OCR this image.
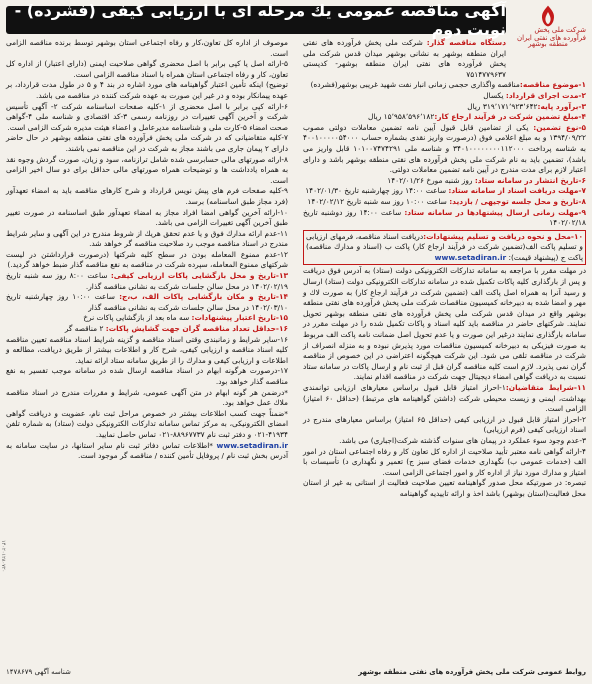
شركت ملی پخش فرآورده های نفتی ایران
منطقه بوشهر
آگهی مناقصه عمومی یك مرحله ای با ارزیابی كیفی (فشرده) - نوبت دوم

دستگاه مناقصه گذار: شركت ملی پخش فرآورده های نفتی ایران منطقه بوشهر به نشانی بوشهر میدان قدس شركت ملی پخش فرآورده های نفتی ایران منطقه بوشهر- كدپستی ۷۵۱۴۷۷۹۶۳۷

۱-موضوع مناقصه:مناقصه واگذاری حجمی زمانی انبار نفت شهید غریبی بوشهر(فشرده)

۲-مدت اجرای قرارداد: یكسال

۳-برآورد پایه:۳۱۹٬۱۷۱٬۹۲۳٬۶۴۲ ریال

۴-مبلغ تضمین شركت در فرآیند ارجاع كار:۱۵٬۹۵۸٬۵۹۶٬۱۸۲ ریال

۵-نوع تضمین: یكی از تضامین قابل قبول آیین نامه تضمین معاملات دولتی مصوب ۱۳۹۴/۰۹/۲۲ و به مبلغ اعلامی فوق (درصورت واریز نقدی بشماره حساب ۴۰۰۱۰۰۰۰۰۵۴۰۰۰ به شناسه پرداخت ۳۴۰۱۰۰۰۰۰۰۰۰۱۱۲۰۰۰ و شناسه ملی ۱۰۱۰۰۷۴۷۴۲۹۱ قابل واریز می باشد)، تضمین باید به نام شركت ملی پخش فرآورده های نفتی منطقه بوشهر باشد و دارای اعتبار لازم برای مدت مندرج در آیین نامه تضمین معاملات دولتی.

۶-تاریخ انتشار در سامانه ستاد: روز شنبه مورخ ۱۴۰۲/۰۱/۲۶

۷-مهلت دریافت اسناد از سامانه ستاد: ساعت ۱۴:۰۰ روز چهارشنبه تاریخ ۱۴۰۲/۰۱/۳۰

۸-تاریخ و محل جلسه توجیهی / بازدید: ساعت ۱۰:۰۰ روز سه شنبه تاریخ ۱۴۰۲/۰۲/۱۲

۹-مهلت زمانی ارسال پیشنهادها در سامانه ستاد: ساعت ۱۴:۰۰ روز دوشنبه تاریخ ۱۴۰۲/۰۲/۱۸

۱۰-محل و نحوه دریافت و تسلیم پیشنهادات:دریافت اسناد مناقصه، فرمهای ارزیابی و تسلیم پاكت الف(تضمین شركت در فرآیند ارجاع كار) پاكت ب (اسناد و مدارك مناقصه) پاكت ج (پیشنهاد قیمت): www.setadiran.ir

در مهلت مقرر با مراجعه به سامانه تداركات الكترونیكی دولت (ستاد) به آدرس فوق دریافت و پس از بارگذاری كلیه پاكات تكمیل شده در سامانه تداركات الكترونیكی دولت (ستاد) ارسال و رسید آنرا به همراه اصل پاكت الف (تضمین شركت در فرآیند ارجاع كار) به صورت لاك و مهر و امضا شده به دبیرخانه كمیسیون مناقصات شركت ملی پخش فرآورده های نفتی منطقه بوشهر واقع در میدان قدس شركت ملی پخش فرآورده های نفتی منطقه بوشهر تحویل نمایند. شركتهای حاضر در مناقصه باید كلیه اسناد و پاكات تكمیل شده را در مهلت مقرر در سامانه بارگذاری نمایند درغیر این صورت و یا عدم تحویل اصل ضمانت نامه پاكت الف مربوط به صورت فیزیكی به دبیرخانه كمیسیون مناقصات مورد پذیرش نبوده و به منزله انصراف از شركت در مناقصه تلقی می شود. این شركت هیچگونه اعتراضی در این خصوص از مناقصه گران نمی پذیرد. لازم است كلیه مناقصه گران قبل از ثبت نام و ارسال پاكات در سامانه ستاد نسبت به دریافت گواهی امضاء دیجیتال جهت شركت در مناقصه اقدام نمایند.

۱۱-شرایط متقاضیان:۱-احراز امتیاز قابل قبول براساس معیارهای ارزیابی توانمندی بهداشت، ایمنی و زیست محیطی شركت (داشتن گواهینامه های مرتبط) (حداقل ۶۰ امتیاز) الزامی است.

۲-احراز امتیاز قابل قبول در ارزیابی كیفی (حداقل ۶۵ امتیاز) براساس معیارهای مندرج در اسناد ارزیابی كیفی (فرم ارزیابی)

۳-عدم وجود سوء عملكرد در پیمان های سنوات گذشته شركت(اجباری) می باشد.

۴-ارائه گواهی نامه معتبر تأیید صلاحیت از اداره كل تعاون كار و رفاه اجتماعی استان در امور الف (خدمات عمومی ب) نگهداری خدمات فضای سبز ج) تعمیر و نگهداری د) تأسیسات با امتیاز و مدارك مورد نیاز از اداره كار و امور اجتماعی الزامی است.

تبصره: در صورتیكه محل صدور گواهینامه تعیین صلاحیت فعالیت از استانی به غیر از استان محل فعالیت(استان بوشهر) باشد اخذ و ارائه تاییدیه گواهینامه

موصوف از اداره كل تعاون،كار و رفاه اجتماعی استان بوشهر توسط برنده مناقصه الزامی است.

۵-ارائه اصل یا كپی برابر با اصل محضری گواهی صلاحیت ایمنی (دارای اعتبار) از اداره كل تعاون، كار و رفاه اجتماعی استان همراه با اسناد مناقصه الزامی است.

توضیح) اینكه تأمین اعتبار گواهینامه های مورد اشاره در بند ۴ و ۵ در طول مدت قرارداد، بر عهده پیمانكار بوده و در غیر این صورت به عهده شركت كننده در مناقصه می باشد.

۶-ارائه كپی برابر با اصل محضری از ۱-كلیه صفحات اساسنامه شركت ۲- آگهی تأسیس شركت و آخرین آگهی تغییرات در روزنامه رسمی ۳-كد اقتصادی و شناسه ملی ۴-گواهی صحت امضاء ۵-كارت ملی و شناسنامه مدیرعامل و اعضاء هیئت مدیره شركت الزامی است.

۷-كلیه متقاضیانی كه در شركت ملی پخش فرآورده های نفتی منطقه بوشهر در حال حاضر دارای ۲ پیمان جاری می باشند مجاز به شركت در این مناقصه نمی باشند.

۸-ارائه صورتهای مالی حسابرسی شده شامل ترازنامه، سود و زیان، صورت گردش وجوه نقد به همراه یادداشت ها و توضیحات همراه صورتهای مالی حداقل برای دو سال اخیر الزامی است.

۹-كلیه صفحات فرم های پیش نویس قرارداد و شرح كارهای مناقصه باید به امضاء تعهدآور (فرد مجاز طبق اساسنامه) برسد.

۱۰-ارائه آخرین گواهی امضا افراد مجاز به امضاء تعهدآور طبق اساسنامه در صورت تغییر طبق آخرین آگهی تغییرات الزامی می باشد.

۱۱-عدم ارائه مدارك فوق و یا عدم تحقق هریك از شروط مندرج در این آگهی و سایر شرایط مندرج در اسناد مناقصه موجب رد صلاحیت مناقصه گر خواهد شد.

۱۲-عدم ممنوع المعامله بودن در سطح كلیه شركتها (درصورت قرارداشتن در لیست شركتهای ممنوع المعامله، سپرده شركت در مناقصه به نفع مناقصه گذار ضبط خواهد گردید.)

۱۳-تاریخ و محل بازگشایی پاكات ارزیابی كیفی: ساعت ۸:۰۰ روز سه شنبه تاریخ ۱۴۰۲/۰۲/۱۹ در محل سالن جلسات شركت به نشانی مناقصه گذار.

۱۴-تاریخ و مكان بازگشایی پاكات الف، ب،ج: ساعت ۱۰:۰۰ روز چهارشنبه تاریخ ۱۴۰۲/۰۳/۱۰ در محل سالن جلسات شركت به نشانی مناقصه گذار

۱۵-تاریخ اعتبار پیشنهادات: سه ماه بعد از بازگشایی پاكات نرخ

۱۶-حداقل تعداد مناقصه گران جهت گشایش پاكات: ۲ مناقصه گر

۱۶-سایر شرایط و زمانبندی وقتی اسناد مناقصه و گزینه شرایط اسناد مناقصه تعیین مناقصه كلیه اسناد مناقصه و ارزیابی كیفی، شرح كار و اطلاعات بیشتر از طریق دریافت، مطالعه و اطلاعات و ارزیابی كیفی و مدارك را از طریق سامانه ستاد ارائه نماید.

۱۷-درصورت هرگونه ابهام در اسناد مناقصه ارسال شده در سامانه موجب تفسیر به نفع مناقصه گذار خواهد بود.

*درضمن هر گونه ابهام در متن آگهی عمومی، شرایط و مقررات مندرج در اسناد مناقصه ملاك عمل خواهد بود.

*ضمناً جهت كسب اطلاعات بیشتر در خصوص مراحل ثبت نام، عضویت و دریافت گواهی امضای الكترونیكی، به مركز تماس سامانه تداركات الكترونیكی دولت (ستاد) به شماره تلفن ۴۱۹۳۴-۰۲۱ و دفتر ثبت نام ۸۸۹۶۷۷۳۷-۰۲۱ تماس حاصل نمایید.

www.setadiran.ir *اطلاعات تماس دفاتر ثبت نام سایر استانها، در سایت سامانه به آدرس بخش ثبت نام / پروفایل تأمین كننده / مناقصه گر موجود است.

روابط عمومی شركت ملی پخش فرآورده های نفتی منطقه بوشهر
شناسه آگهی ۱۴۷۸۶۷۹
۱۴۰۲۰۱۲۸۰۷۲۰
